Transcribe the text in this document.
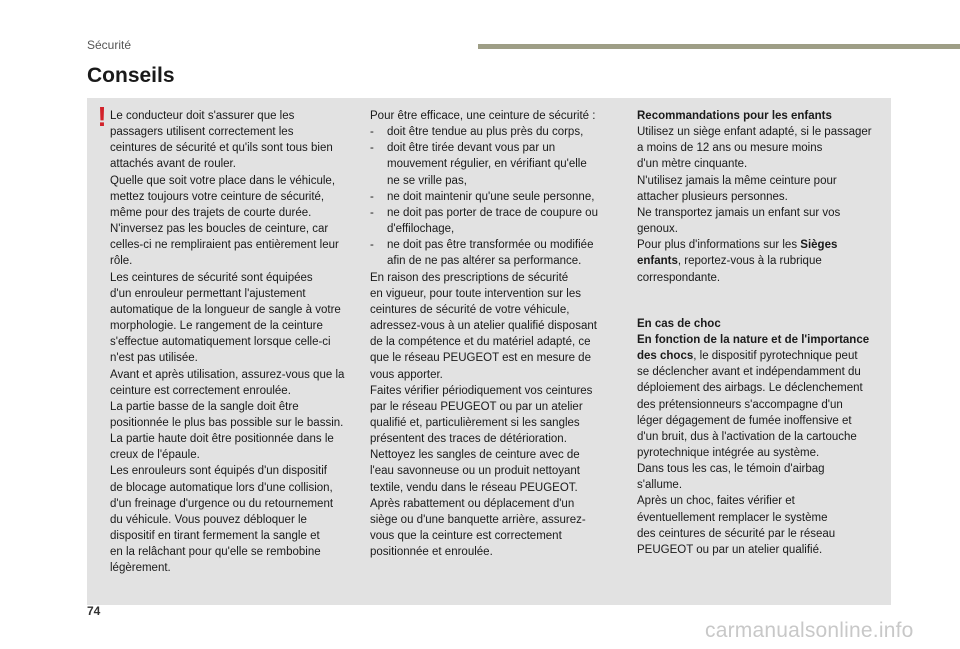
Sécurité
Conseils
! Le conducteur doit s'assurer que les
passagers utilisent correctement les
ceintures de sécurité et qu'ils sont tous bien
attachés avant de rouler.
Quelle que soit votre place dans le véhicule,
mettez toujours votre ceinture de sécurité,
même pour des trajets de courte durée.
N'inversez pas les boucles de ceinture, car
celles-ci ne rempliraient pas entièrement leur
rôle.
Les ceintures de sécurité sont équipées
d'un enrouleur permettant l'ajustement
automatique de la longueur de sangle à votre
morphologie. Le rangement de la ceinture
s'effectue automatiquement lorsque celle-ci
n'est pas utilisée.
Avant et après utilisation, assurez-vous que la
ceinture est correctement enroulée.
La partie basse de la sangle doit être
positionnée le plus bas possible sur le bassin.
La partie haute doit être positionnée dans le
creux de l'épaule.
Les enrouleurs sont équipés d'un dispositif
de blocage automatique lors d'une collision,
d'un freinage d'urgence ou du retournement
du véhicule. Vous pouvez débloquer le
dispositif en tirant fermement la sangle et
en la relâchant pour qu'elle se rembobine
légèrement.
Pour être efficace, une ceinture de sécurité :
- doit être tendue au plus près du corps,
- doit être tirée devant vous par un
mouvement régulier, en vérifiant qu'elle
ne se vrille pas,
- ne doit maintenir qu'une seule personne,
- ne doit pas porter de trace de coupure ou
d'effilochage,
- ne doit pas être transformée ou modifiée
afin de ne pas altérer sa performance.
En raison des prescriptions de sécurité
en vigueur, pour toute intervention sur les
ceintures de sécurité de votre véhicule,
adressez-vous à un atelier qualifié disposant
de la compétence et du matériel adapté, ce
que le réseau PEUGEOT est en mesure de
vous apporter.
Faites vérifier périodiquement vos ceintures
par le réseau PEUGEOT ou par un atelier
qualifié et, particulièrement si les sangles
présentent des traces de détérioration.
Nettoyez les sangles de ceinture avec de
l'eau savonneuse ou un produit nettoyant
textile, vendu dans le réseau PEUGEOT.
Après rabattement ou déplacement d'un
siège ou d'une banquette arrière, assurez-
vous que la ceinture est correctement
positionnée et enroulée.
Recommandations pour les enfants
Utilisez un siège enfant adapté, si le passager
a moins de 12 ans ou mesure moins
d'un mètre cinquante.
N'utilisez jamais la même ceinture pour
attacher plusieurs personnes.
Ne transportez jamais un enfant sur vos
genoux.
Pour plus d'informations sur les Sièges
enfants, reportez-vous à la rubrique
correspondante.
En cas de choc
En fonction de la nature et de l'importance
des chocs, le dispositif pyrotechnique peut
se déclencher avant et indépendamment du
déploiement des airbags. Le déclenchement
des prétensionneurs s'accompagne d'un
léger dégagement de fumée inoffensive et
d'un bruit, dus à l'activation de la cartouche
pyrotechnique intégrée au système.
Dans tous les cas, le témoin d'airbag
s'allume.
Après un choc, faites vérifier et
éventuellement remplacer le système
des ceintures de sécurité par le réseau
PEUGEOT ou par un atelier qualifié.
74
carmanualsonline.info
